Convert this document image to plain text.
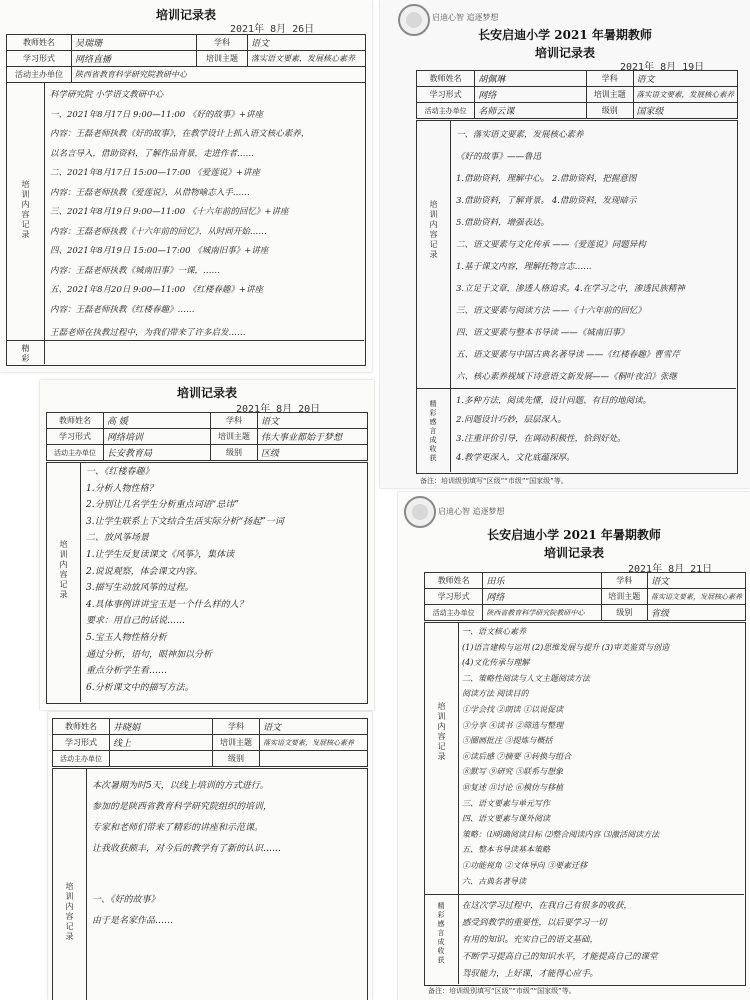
培训记录表
2021年 8月 26日
教师姓名	吴瑞珊	学科	语文
学习形式	网络直播	培训主题	落实语文要素，发展核心素养
活动主办单位	陕西省教育科学研究院教研中心		
培训内容记录
精彩
科学研究院 小学语文教研中心
一、2021年8月17日 9:00—11:00 《好的故事》+讲座
内容：王磊老师执教《好的故事》，在教学设计上抓入语文核心素养，
以名言导入，借助资料，了解作品背景，走进作者……
二、2021年8月17日 15:00—17:00 《爱莲说》+讲座
内容：王磊老师执教《爱莲说》，从借物喻志入手……
三、2021年8月19日 9:00—11:00 《十六年前的回忆》+讲座
内容：王磊老师执教《十六年前的回忆》，从时间开始……
四、2021年8月19日 15:00—17:00 《城南旧事》+讲座
内容：王磊老师执教《城南旧事》一课，……
五、2021年8月20日 9:00—11:00 《红楼春趣》+讲座
内容：王磊老师执教《红楼春趣》……
王磊老师在执教过程中，为我们带来了许多启发……
启迪心智 追逐梦想
长安启迪小学 2021 年暑期教师
培训记录表
2021年 8月 19日
教师姓名	胡佩琳	学科	语文
学习形式	网络	培训主题	落实语文要素，发展核心素养
活动主办单位	名师云课	级别	国家级
培训内容记录
精彩感言成收获
一、落实语文要素，发展核心素养
《好的故事》——鲁迅
1.借助资料，理解中心。 2.借助资料，把握意图
3.借助资料，了解背景。 4.借助资料，发现暗示
5.借助资料，增强表达。
二、语文要素与文化传承 ——《爱莲说》同题异构
1.基于课文内容，理解托物言志……
3.立足于文章，渗透人格追求。4.在学习之中，渗透民族精神
三、语文要素与阅读方法 ——《十六年前的回忆》
四、语文要素与整本书导读 ——《城南旧事》
五、语文要素与中国古典名著导读 ——《红楼春趣》曹雪芹
六、核心素养视域下诗意语文新发展——《桐叶夜泊》张继
1.多种方法，阅读先懂，设计问题、有目的地阅读。
2.问题设计巧妙，层层深入。
3.注重评价引导，在调动积极性，恰到好处。
4.教学更深入，文化底蕴深厚。
备注：培训级别填写“区级”“市级”“国家级”等。
培训记录表
2021年 8月 20日
教师姓名	高 媛	学科	语文
学习形式	网络培训	培训主题	伟大事业都始于梦想
活动主办单位	长安教育局	级别	区级
培训内容记录
一、《红楼春趣》
1.分析人物性格？
2.分别让几名学生分析重点词语“忌讳”
3.让学生联系上下文结合生活实际分析“扬起”一词
二、放风筝场景
1.让学生反复读课文《风筝》，集体读
2.说说观察，体会课文内容。
3.描写生动放风筝的过程。
4.具体事例讲讲宝玉是一个什么样的人？
要求：用自己的话说……
5.宝玉人物性格分析
通过分析，语句，眼神加以分析
重点分析学生看……
6.分析课文中的描写方法。
启迪心智 追逐梦想
长安启迪小学 2021 年暑期教师
培训记录表
2021年 8月 21日
教师姓名	田乐	学科	语文
学习形式	网络	培训主题	落实语文要素，发展核心素养
活动主办单位	陕西省教育科学研究院教研中心	级别	省级
培训内容记录
精彩感言成收获
一、语文核心素养
(1)语言建构与运用 (2)思维发展与提升 (3)审美鉴赏与创造
(4)文化传承与理解
二、策略性阅读与人文主题阅读方法
阅读方法 阅读目的
①学会找 ②朗读 ①以说促读
③分享 ④读书 ②筛选与整理
⑤圈画批注 ③提炼与概括
⑥读后感 ⑦摘要 ④转换与组合
⑧默写 ⑨研究 ⑤联系与想象
⑩复述 ⑪讨论 ⑥模仿与移植
三、语文要素与单元写作
四、语文要素与课外阅读
策略：⑴明确阅读目标 ⑵整合阅读内容 ⑶激活阅读方法
五、整本书导读基本策略
①功能视角 ②文体导向 ③要素迁移
六、古典名著导读
在这次学习过程中，在我自己有很多的收获，
感受到教学的重要性，以后要学习一切
有用的知识。充实自己的语文基础，
不断学习提高自己的知识水平，才能提高自己的课堂
驾驭能力，上好课，才能得心应手。
备注：培训级别填写“区级”“市级”“国家级”等。
教师姓名	井晓娟	学科	语文
学习形式	线上	培训主题	落实语文要素，发展核心素养
活动主办单位		级别	
培训内容记录
本次暑期为时5天，以线上培训的方式进行。
参加的是陕西省教育科学研究院组织的培训，
专家和老师们带来了精彩的讲座和示范课。
让我收获颇丰，对今后的教学有了新的认识……
一、《好的故事》
由于是名家作品……
